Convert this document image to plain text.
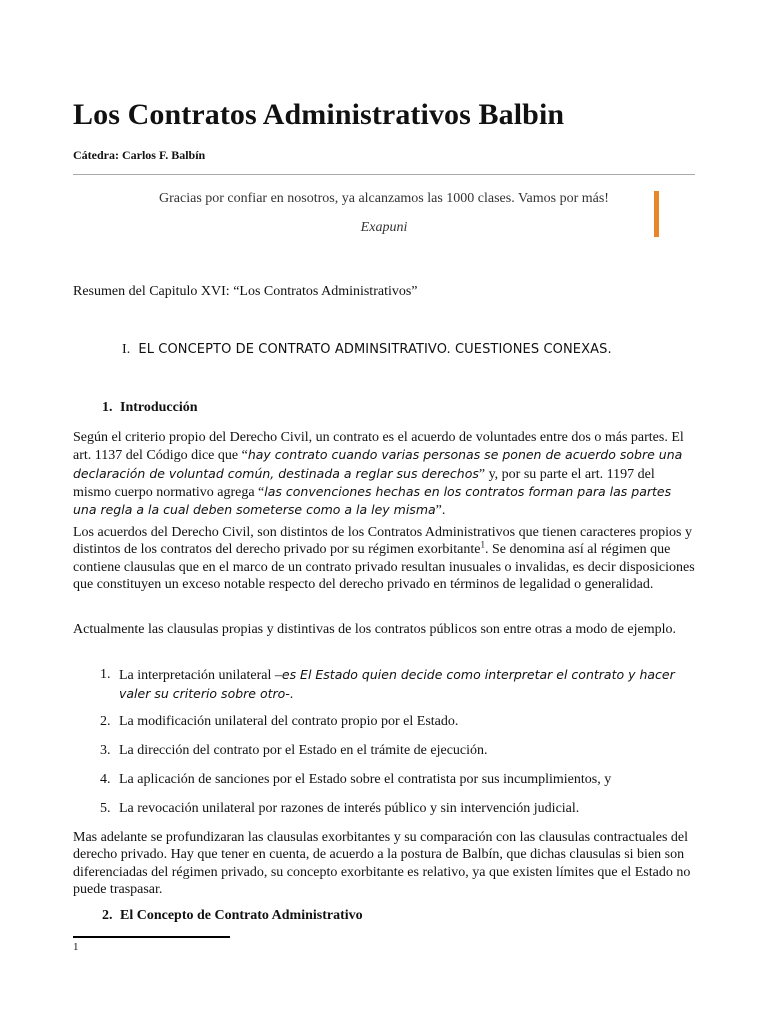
Los Contratos Administrativos Balbin
Cátedra: Carlos F. Balbín
Gracias por confiar en nosotros, ya alcanzamos las 1000 clases. Vamos por más!
Exapuni
Resumen del Capitulo XVI: “Los Contratos Administrativos”
I. EL CONCEPTO DE CONTRATO ADMINSITRATIVO. CUESTIONES CONEXAS.
1. Introducción
Según el criterio propio del Derecho Civil, un contrato es el acuerdo de voluntades entre dos o más partes. El art. 1137 del Código dice que “hay contrato cuando varias personas se ponen de acuerdo sobre una declaración de voluntad común, destinada a reglar sus derechos” y, por su parte el art. 1197 del mismo cuerpo normativo agrega “las convenciones hechas en los contratos forman para las partes una regla a la cual deben someterse como a la ley misma”.
Los acuerdos del Derecho Civil, son distintos de los Contratos Administrativos que tienen caracteres propios y distintos de los contratos del derecho privado por su régimen exorbitante$^1$. Se denomina así al régimen que contiene clausulas que en el marco de un contrato privado resultan inusuales o invalidas, es decir disposiciones que constituyen un exceso notable respecto del derecho privado en términos de legalidad o generalidad.
Actualmente las clausulas propias y distintivas de los contratos públicos son entre otras a modo de ejemplo.
1. La interpretación unilateral –es El Estado quien decide como interpretar el contrato y hacer valer su criterio sobre otro-.
2. La modificación unilateral del contrato propio por el Estado.
3. La dirección del contrato por el Estado en el trámite de ejecución.
4. La aplicación de sanciones por el Estado sobre el contratista por sus incumplimientos, y
5. La revocación unilateral por razones de interés público y sin intervención judicial.
Mas adelante se profundizaran las clausulas exorbitantes y su comparación con las clausulas contractuales del derecho privado. Hay que tener en cuenta, de acuerdo a la postura de Balbín, que dichas clausulas si bien son diferenciadas del régimen privado, su concepto exorbitante es relativo, ya que existen límites que el Estado no puede traspasar.
2. El Concepto de Contrato Administrativo
1
